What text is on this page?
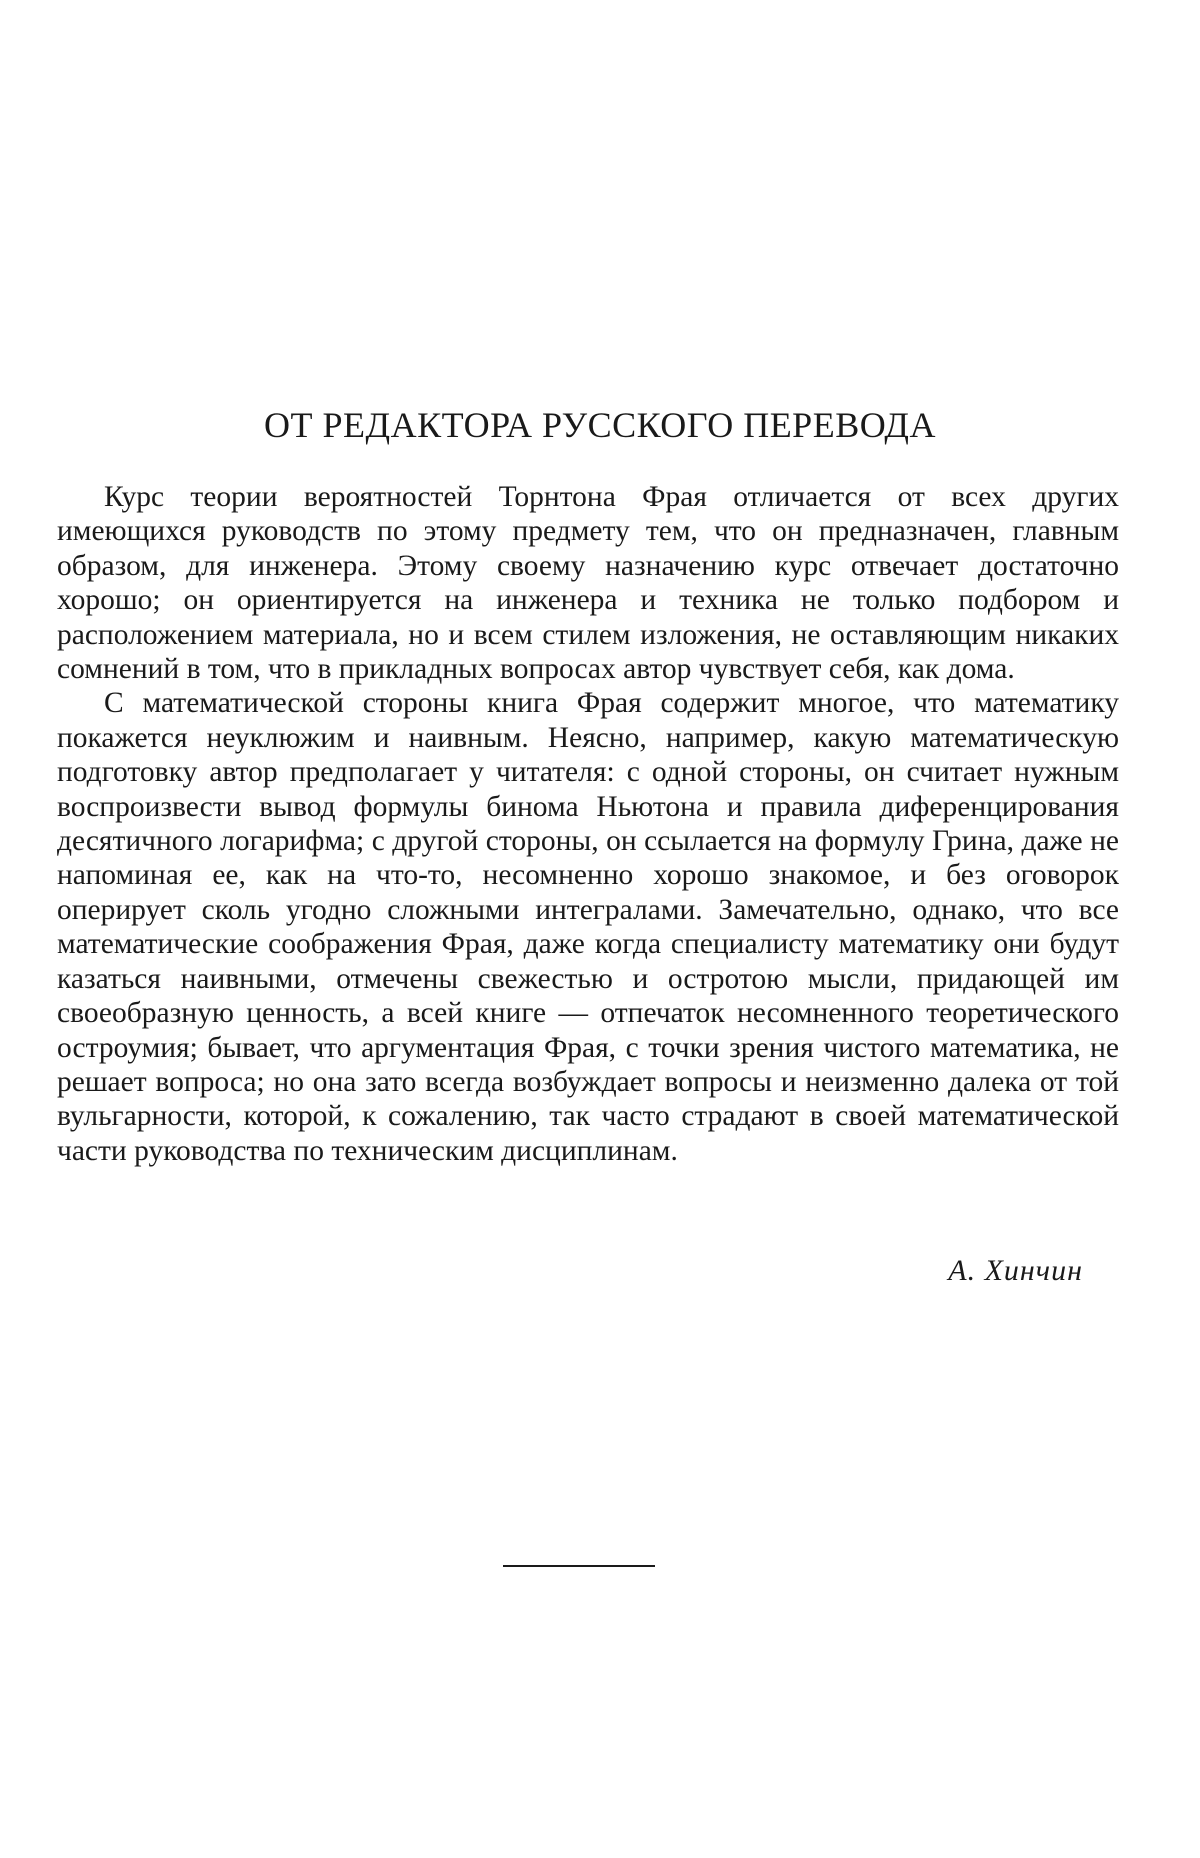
ОТ РЕДАКТОРА РУССКОГО ПЕРЕВОДА

Курс теории вероятностей Торнтона Фрая отличается от всех других имеющихся руководств по этому предмету тем, что он предназначен, главным образом, для инженера. Этому своему назначению курс отвечает достаточно хорошо; он ориентируется на инженера и техника не только подбором и расположением материала, но и всем стилем изложения, не оставляющим никаких сомнений в том, что в прикладных вопросах автор чувствует себя, как дома.

С математической стороны книга Фрая содержит многое, что математику покажется неуклюжим и наивным. Неясно, например, какую математическую подготовку автор предполагает у читателя: с одной стороны, он считает нужным воспроизвести вывод формулы бинома Ньютона и правила диференцирования десятичного логарифма; с другой стороны, он ссылается на формулу Грина, даже не напоминая ее, как на что-то, несомненно хорошо знакомое, и без оговорок оперирует сколь угодно сложными интегралами. Замечательно, однако, что все математические соображения Фрая, даже когда специалисту математику они будут казаться наивными, отмечены свежестью и остротою мысли, придающей им своеобразную ценность, а всей книге — отпечаток несомненного теоретического остроумия; бывает, что аргументация Фрая, с точки зрения чистого математика, не решает вопроса; но она зато всегда возбуждает вопросы и неизменно далека от той вульгарности, которой, к сожалению, так часто страдают в своей математической части руководства по техническим дисциплинам.

А. Хинчин
